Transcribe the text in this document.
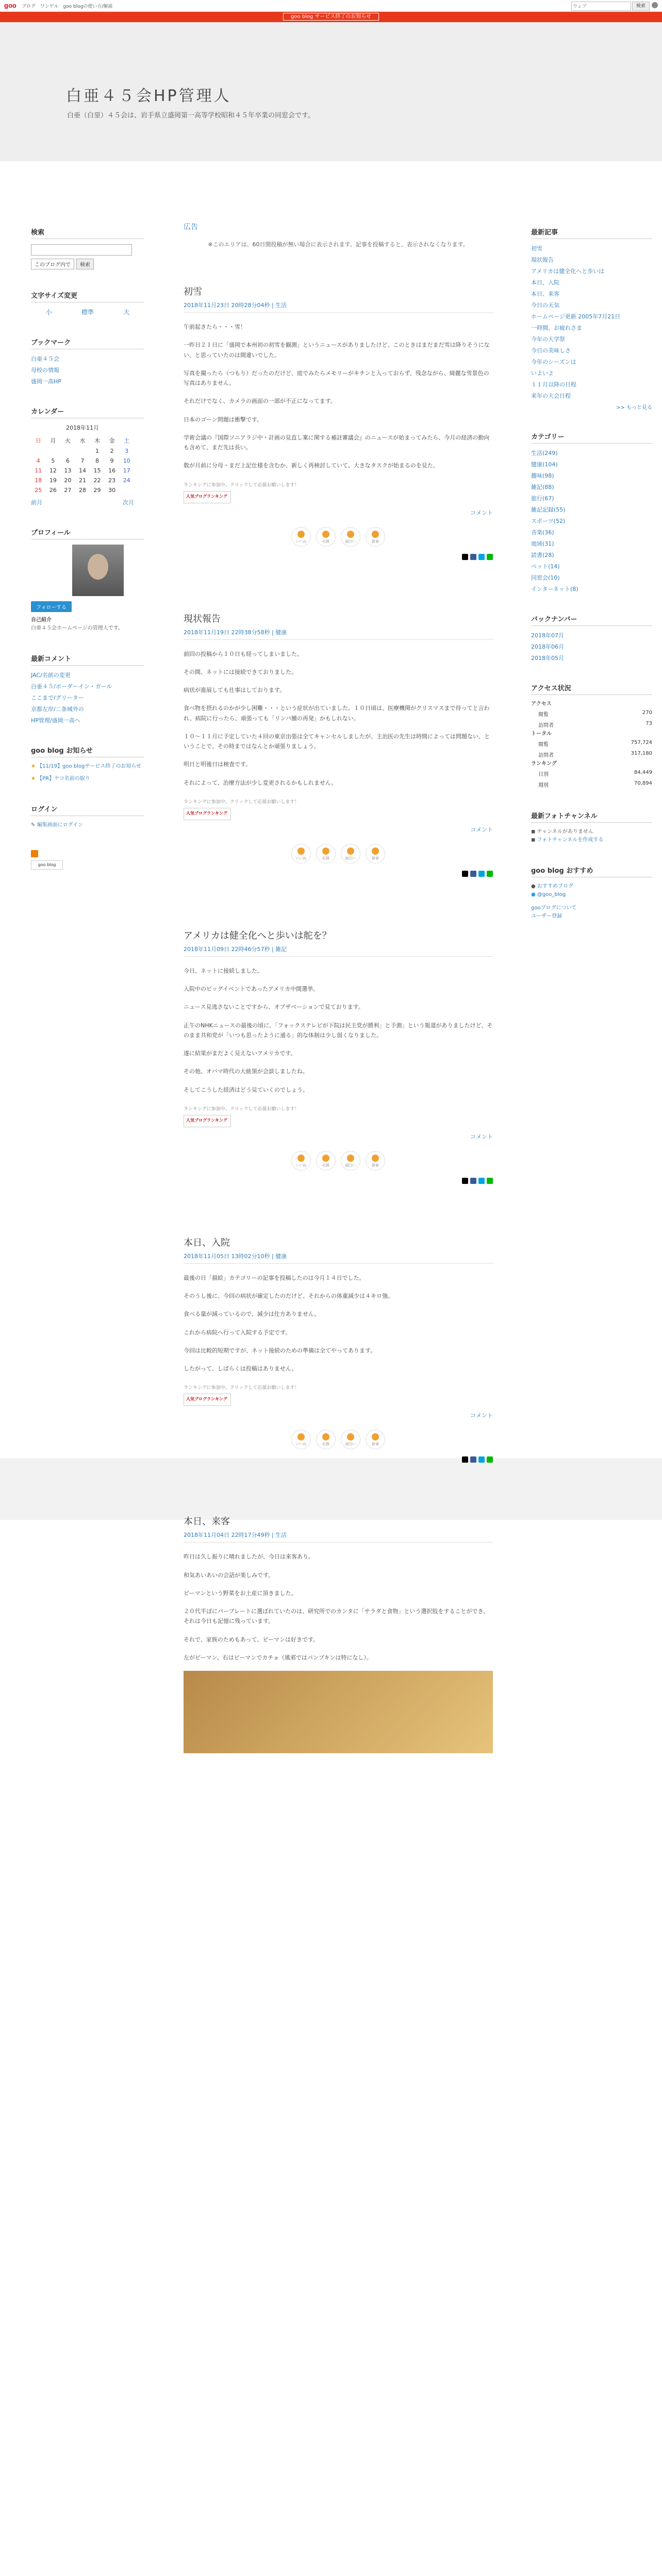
goo ブログ ワンゲル goo blogの使い方/解説
ウェブ	検索
goo blog サービス終了のお知らせ
白亜４５会HP管理人
白亜（白堊）４５会は、岩手県立盛岡第一高等学校昭和４５年卒業の同窓会です。
検索
このブログ内で	検索
文字サイズ変更
小	標準	大
ブックマーク
白亜４５会
母校の情報
盛岡一高HP
カレンダー
2018年11月
日	月	火	水	木	金	土
				1	2	3
4	5	6	7	8	9	10
11	12	13	14	15	16	17
18	19	20	21	22	23	24
25	26	27	28	29	30	
前月	次月
プロフィール
フォローする
自己紹介
白亜４５会ホームページの管理人です。
最新コメント
JAC/名前の変更
白亜４５/ボーダーイン・ガール
ここまで/グリーター
京都左岸/二条城外の
HP管理/盛岡一高へ
goo blog お知らせ
★ 【11/19】goo blogサービス終了のお知らせ
★ 【PR】ケコ名前の取り
ログイン
✎ 編集画面にログイン
goo blog
広告
※このエリアは、60日間投稿が無い場合に表示されます。記事を投稿すると、表示されなくなります。
初雪
2018年11月23日 20時28分04秒 | 生活

午前起きたら・・・雪！

一昨日２１日に「盛岡で本州初の初雪を観測」というニュースがありましたけど、このときはまだまだ雪は降りそうにない、と思っていたのは間違いでした。

写真を撮ったら（つもり）だったのだけど、庭でみたらメモリーがキチンと入っておらず、残念ながら、綺麗な雪景色の写真はありません。

それだけでなく、カメラの画面の一部が不正になってます。

日本のゴーン問題は衝撃です。

学術会議の『国際ソニアラジ中・計画の見直し案に関する補註審議会』のニュースが始まってみたら、今月の経済の動向も含めて、まだ先は長い。

数が月前に分母・まだ上記仕様を含むか、新しく再検討していて、大きなタスクが始まるのを見た。

ランキングに参加中。クリックして応援お願いします！
人気ブログランキング
コメント
いいね	応援	面白い	新春
現状報告
2018年11月19日 22時38分58秒 | 健康

前回の投稿から１０日も経ってしまいました。

その間、ネットには接続できておりました。

病状が進展しても仕事はしております。

食べ物を摂れるのかが少し困難・・・という症状が出ていました。１０日頃は、医療機関がクリスマスまで待ってと言われ、病院に行ったら、頑張っても「リンパ腫の再発」かもしれない。

１０～１１月に予定していた４回の東京出張は全てキャンセルしましたが、主治医の先生は時間によっては問題ない、ということで、その時まではなんとか頑張りましょう。

明日と明後日は検査です。

それによって、治療方法が少し変更されるかもしれません。

ランキングに参加中。クリックして応援お願いします！
人気ブログランキング
コメント
いいね	応援	面白い	新春
アメリカは健全化へと歩いは舵を？
2018年11月09日 22時46分57秒 | 雑記

今日、ネットに接続しました。

入院中のビッグイベントであったアメリカ中間選挙。

ニュース見逃さないことですから、オブザベーションで見ております。

正午のNHKニュースの最後の頃に、「フォックステレビが下院は民主党が勝利」と予測」という報道がありましたけど、そのまま共和党が「いつも思ったように通る」的な体制は少し弱くなりました。

遂に結果がまだよく見えないアメリカです。

その他、オバマ時代の大統領が会談しましたね。

そしてこうした経済はどう見ていくのでしょう。

ランキングに参加中。クリックして応援お願いします！
人気ブログランキング
コメント
いいね	応援	面白い	新春
本日、入院
2018年11月05日 13時02分10秒 | 健康

最後の日「描絵」カテゴリーの記事を投稿したのは今月１４日でした。

そのうし後に、今回の病状が確定したのだけど、それからの体重減少は４キロ強。

食べる量が減っているので、減少は仕方ありません。

これから病院へ行って入院する予定です。

今回は比較的短期ですが、ネット接続のための準備は全てやってあります。

したがって、しばらくは投稿はありません。

ランキングに参加中。クリックして応援お願いします！
人気ブログランキング
コメント
いいね	応援	面白い	新春
本日、来客
2018年11月04日 22時17分49秒 | 生活

昨日は久し振りに晴れましたが、今日は来客あり。

和気あいあいの会話が楽しみです。

ピーマンという野菜をお土産に頂きました。

２０代半ばにパーブレートに選ばれていたのは、研究所でのカンタに「サラダと食物」という選択肢をすることができ、それは今日も記憶に残っています。

それで、家族のためもあって、ピーマンは好きです。

左がピーマン、右はピーマンでカチョ（風邪ではパンプキンは特になし）。

最新記事
初雪
現状報告
アメリカは健全化へと歩いは
本日、入院
本日、来客
今日の天気
ホームページ更新 2005年7月21日
一時間、お疲れさま
今年の大学祭
今日の美味しさ
今年のシーズンは
いよいよ
１１月以降の日程
来年の大会日程
>> もっと見る
カテゴリー
生活(249)
健康(104)
趣味(98)
雑記(88)
旅行(67)
雑記記録(55)
スポーツ(52)
音楽(36)
地域(31)
読書(28)
ペット(14)
同窓会(10)
インターネット(8)
バックナンバー
2018年07月
2018年06月
2018年05月
アクセス状況
アクセス
閲覧	270
訪問者	73
トータル
閲覧	757,724
訪問者	317,180
ランキング
日別	84,449
週別	70,894
最新フォトチャンネル
◼ チャンネルがありません
◼ フォトチャンネルを作成する
goo blog おすすめ
● おすすめブログ
● @goo_blog
gooブログについて
ユーザー登録
